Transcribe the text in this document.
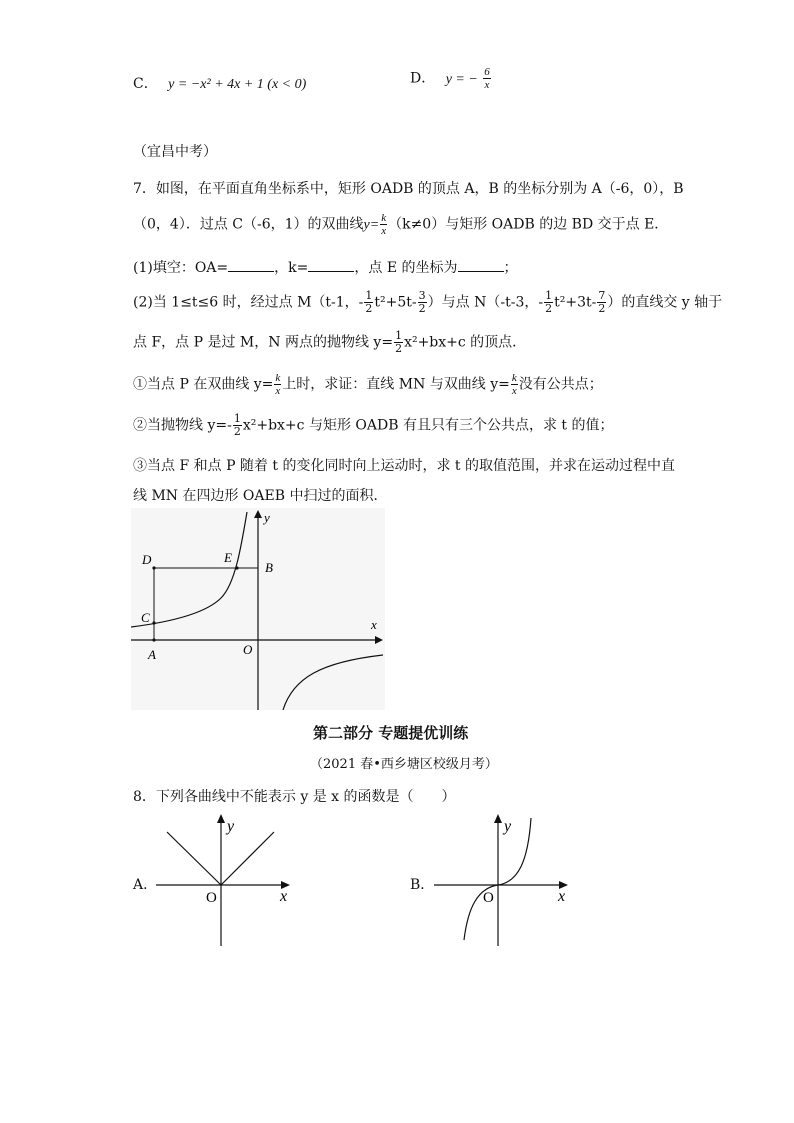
C． y = −x² + 4x + 1 (x < 0)	D． y = − $\frac{6}{x}$
（宜昌中考）
7．如图，在平面直角坐标系中，矩形 OADB 的顶点 A，B 的坐标分别为 A（-6，0），B
（0，4）．过点 C（-6，1）的双曲线$y= \frac{k}{x} (k\ne 0)$与矩形 OADB 的边 BD 交于点 E．
(1)填空：OA=	，k=	，点 E 的坐标为	；
(2)当 1≤t≤6 时，经过点 M（t-1，- $\frac{1}{2} t^2+5t- \frac{3}{2}$ ）与点 N（-t-3，- $\frac{1}{2} t^2+3t- \frac{7}{2}$ ）的直线交 y 轴于
点 F，点 P 是过 M，N 两点的抛物线 $y= \frac{1}{2} x^2+bx+c$ 的顶点．
①当点 P 在双曲线 $y= \frac{k}{x}$ 上时，求证：直线 MN 与双曲线 $y= \frac{k}{x}$ 没有公共点；
②当抛物线 $y=- \frac{1}{2} x^2+bx+c$ 与矩形 OADB 有且只有三个公共点，求 t 的值；
③当点 F 和点 P 随着 t 的变化同时向上运动时，求 t 的取值范围，并求在运动过程中直
线 MN 在四边形 OAEB 中扫过的面积．
D	E
B
C
A	O
x
y
第二部分 专题提优训练
（2021 春•西乡塘区校级月考）
8．下列各曲线中不能表示 y 是 x 的函数是（　　）
A．
y
x
O
B．
y
x
O
